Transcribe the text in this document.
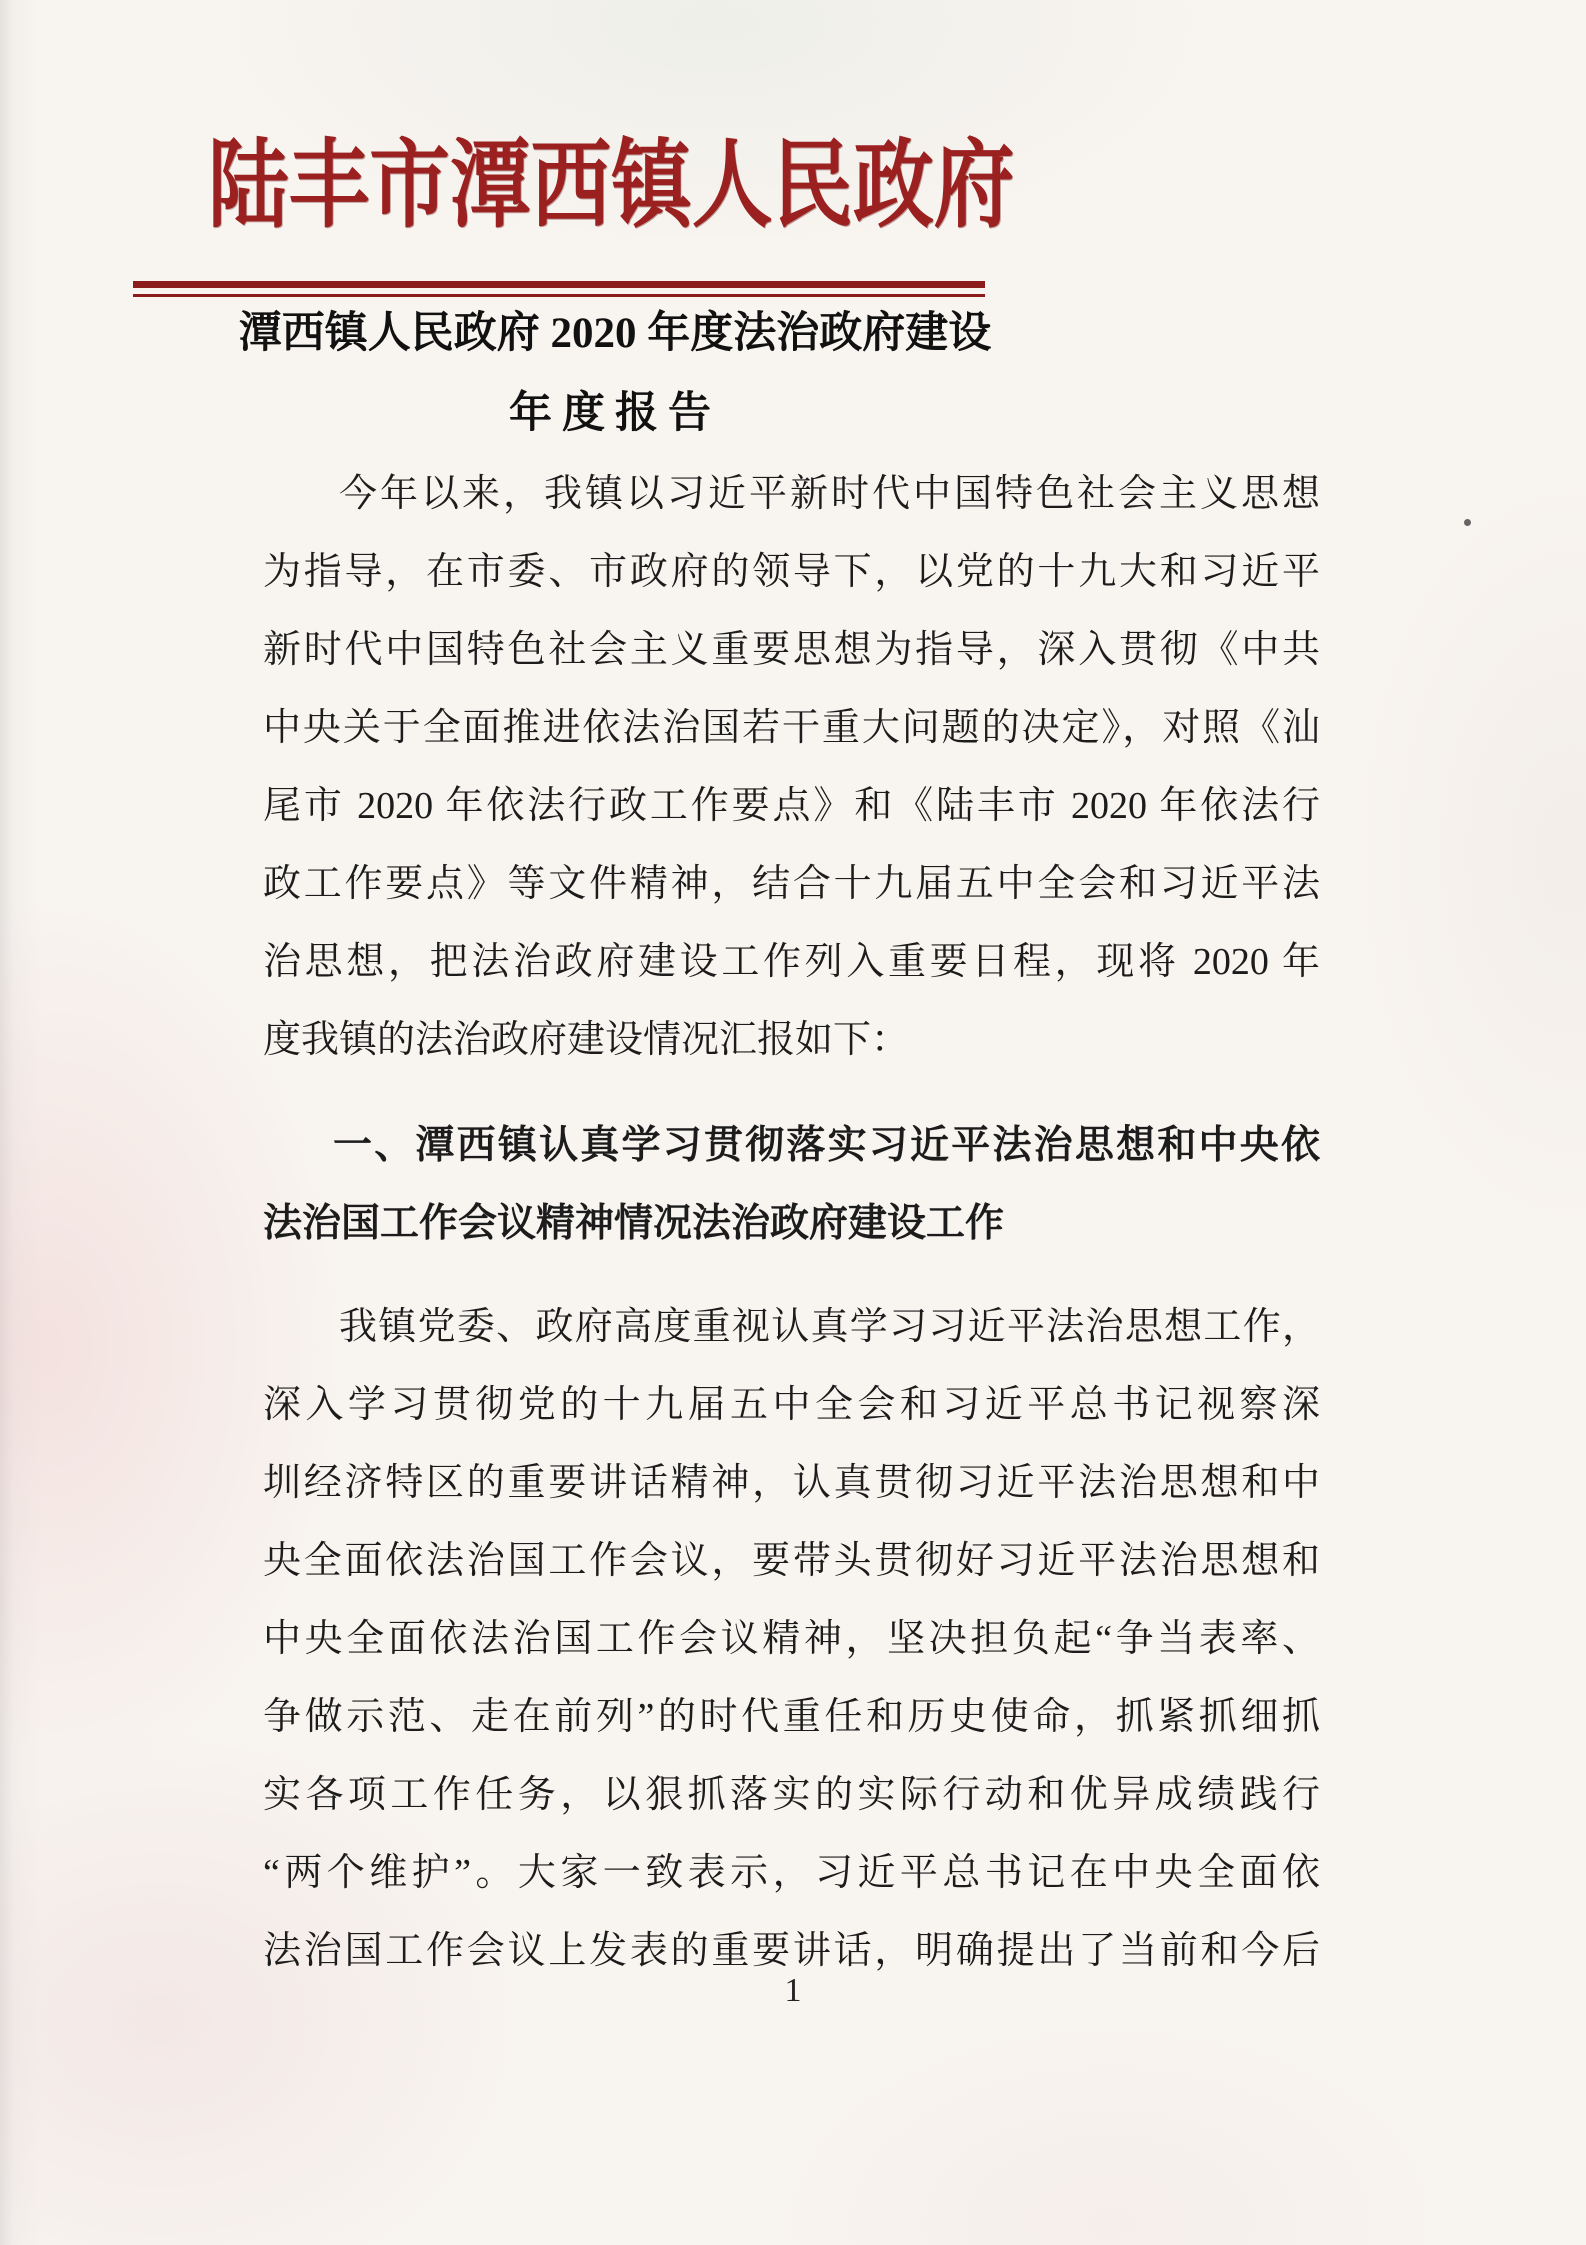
陆丰市潭西镇人民政府
潭西镇人民政府 2020 年度法治政府建设
年度报告
今年以来，我镇以习近平新时代中国特色社会主义思想
为指导，在市委、市政府的领导下，以党的十九大和习近平
新时代中国特色社会主义重要思想为指导，深入贯彻《中共
中央关于全面推进依法治国若干重大问题的决定》，对照《汕
尾市 2020 年依法行政工作要点》和《陆丰市 2020 年依法行
政工作要点》等文件精神，结合十九届五中全会和习近平法
治思想，把法治政府建设工作列入重要日程，现将 2020 年
度我镇的法治政府建设情况汇报如下：
一、潭西镇认真学习贯彻落实习近平法治思想和中央依
法治国工作会议精神情况法治政府建设工作
我镇党委、政府高度重视认真学习习近平法治思想工作，
深入学习贯彻党的十九届五中全会和习近平总书记视察深
圳经济特区的重要讲话精神，认真贯彻习近平法治思想和中
央全面依法治国工作会议，要带头贯彻好习近平法治思想和
中央全面依法治国工作会议精神，坚决担负起“争当表率、
争做示范、走在前列”的时代重任和历史使命，抓紧抓细抓
实各项工作任务，以狠抓落实的实际行动和优异成绩践行
“两个维护”。大家一致表示，习近平总书记在中央全面依
法治国工作会议上发表的重要讲话，明确提出了当前和今后
1
